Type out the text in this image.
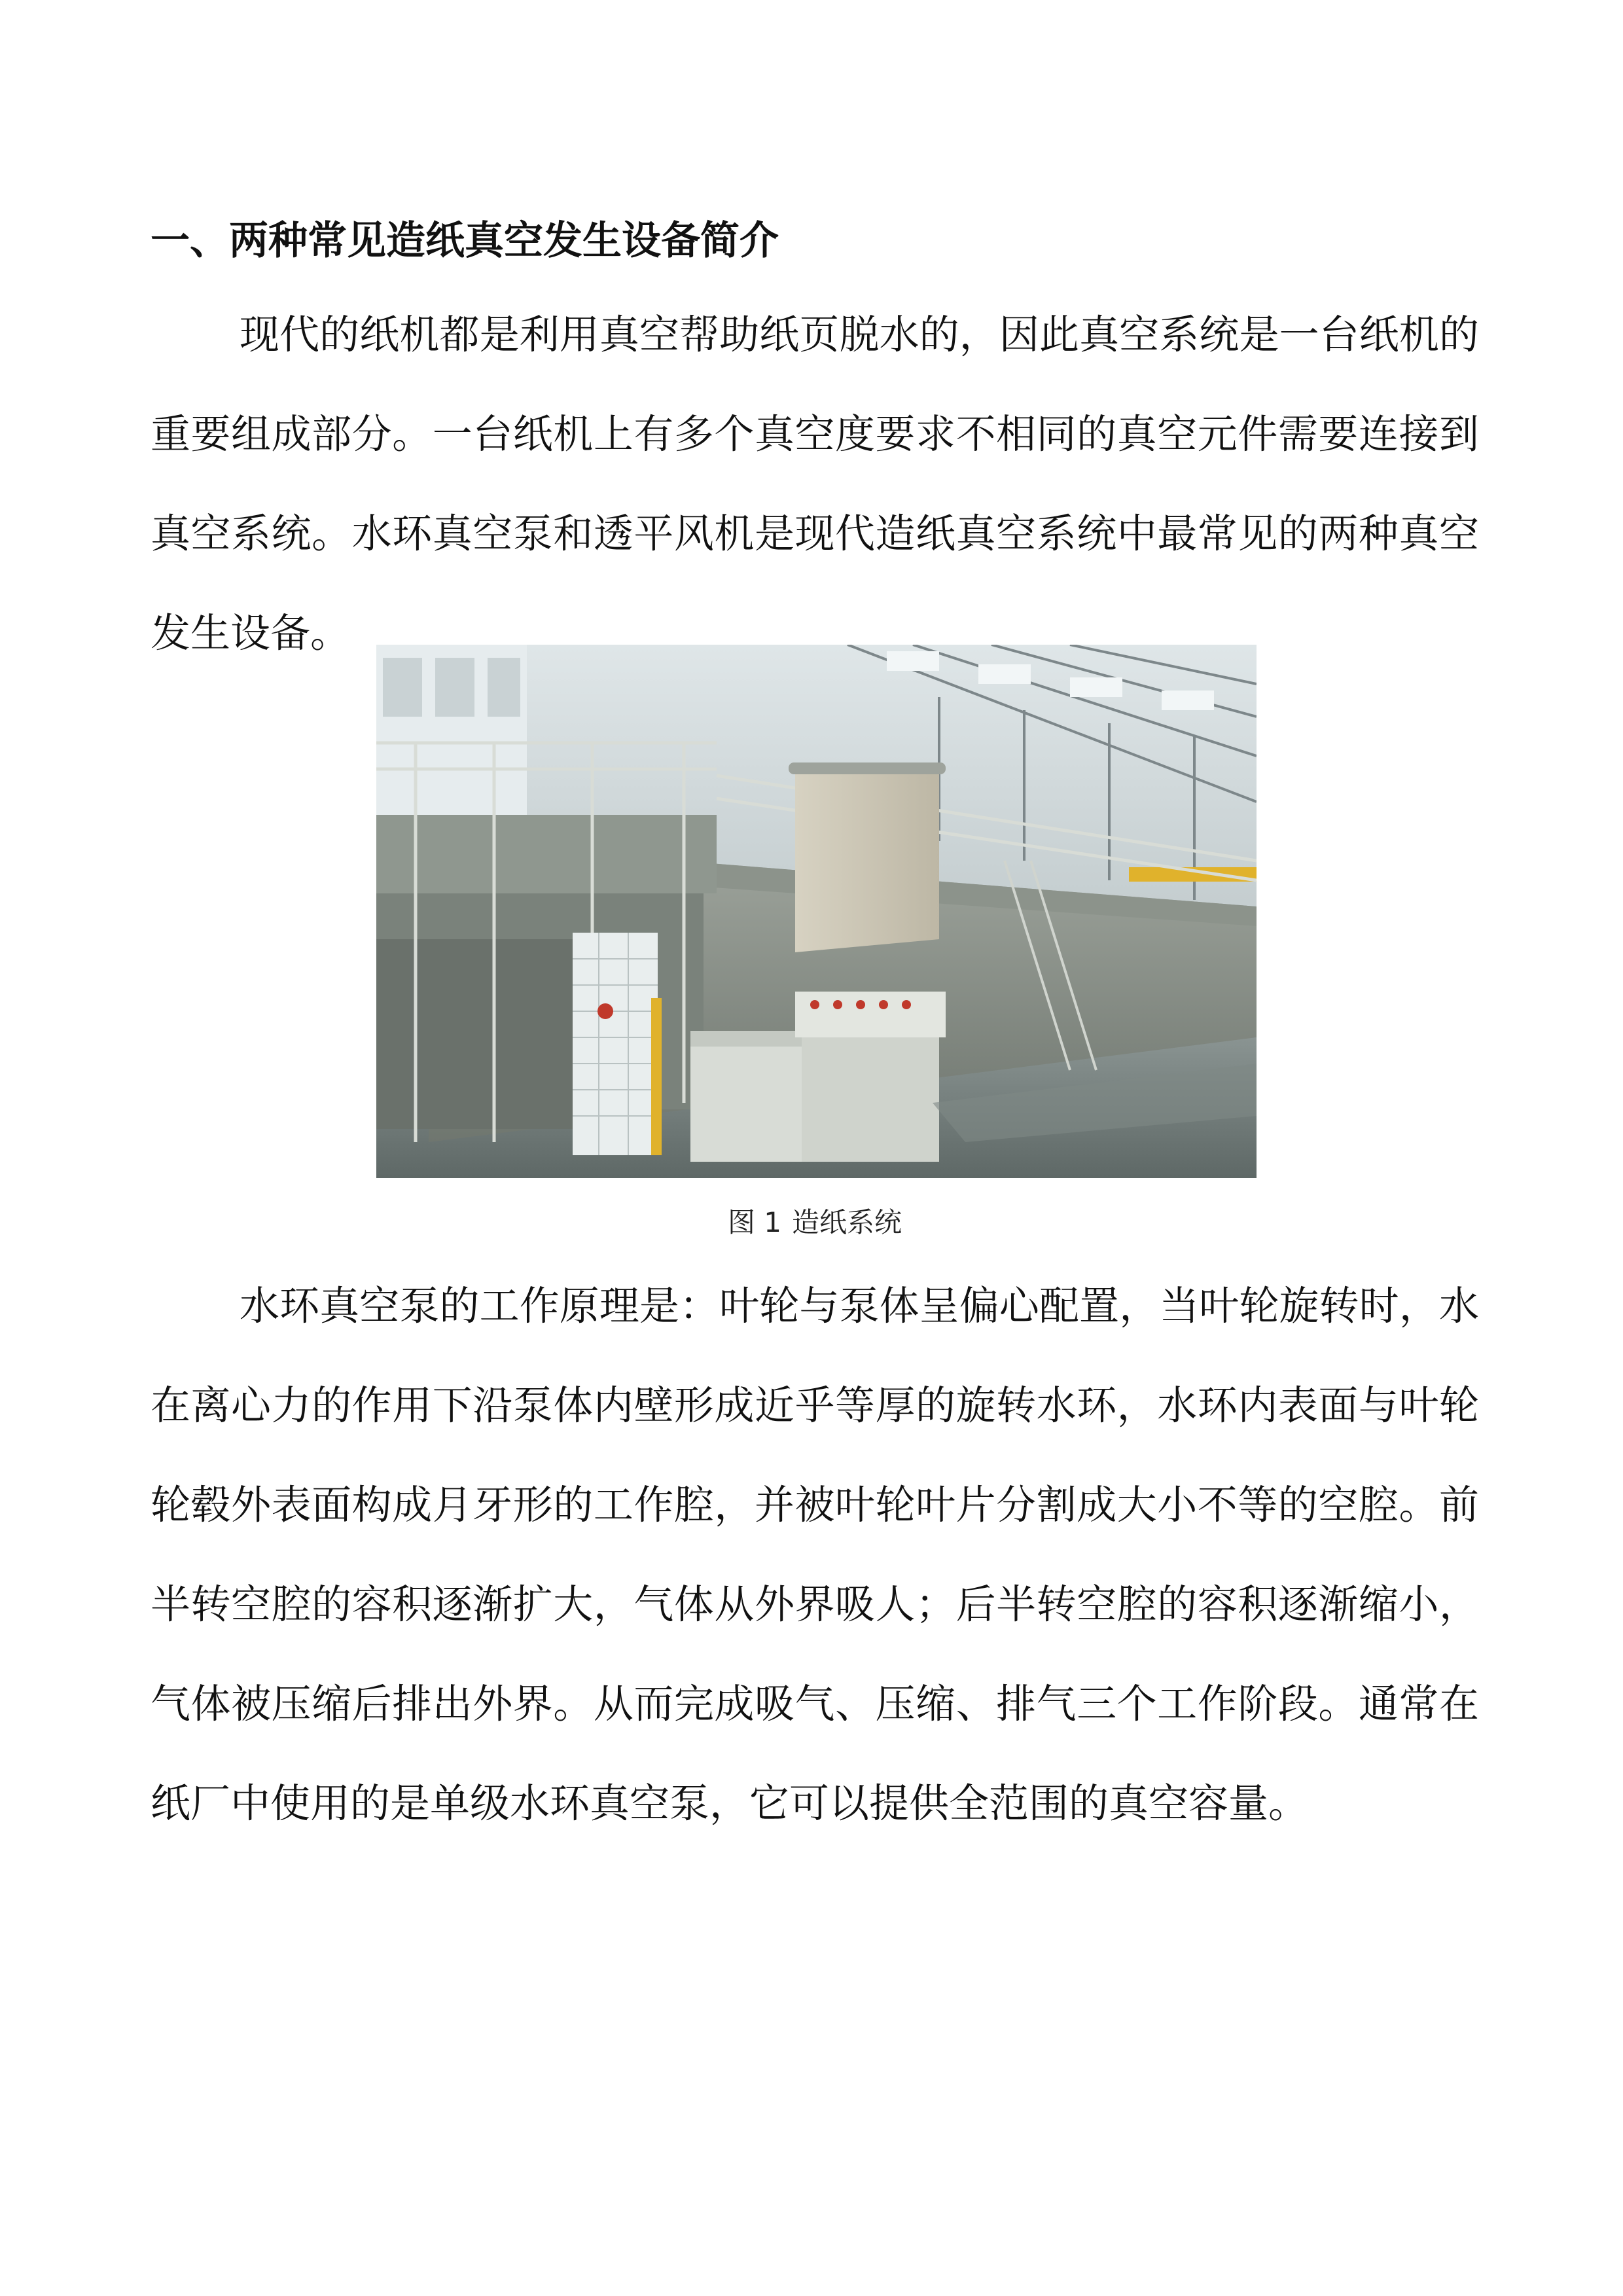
一、两种常见造纸真空发生设备简介

现代的纸机都是利用真空帮助纸页脱水的，因此真空系统是一台纸机的重要组成部分。一台纸机上有多个真空度要求不相同的真空元件需要连接到真空系统。水环真空泵和透平风机是现代造纸真空系统中最常见的两种真空发生设备。

图 1 造纸系统

水环真空泵的工作原理是：叶轮与泵体呈偏心配置，当叶轮旋转时，水在离心力的作用下沿泵体内壁形成近乎等厚的旋转水环，水环内表面与叶轮轮毂外表面构成月牙形的工作腔，并被叶轮叶片分割成大小不等的空腔。前半转空腔的容积逐渐扩大，气体从外界吸人；后半转空腔的容积逐渐缩小，气体被压缩后排出外界。从而完成吸气、压缩、排气三个工作阶段。通常在纸厂中使用的是单级水环真空泵，它可以提供全范围的真空容量。
